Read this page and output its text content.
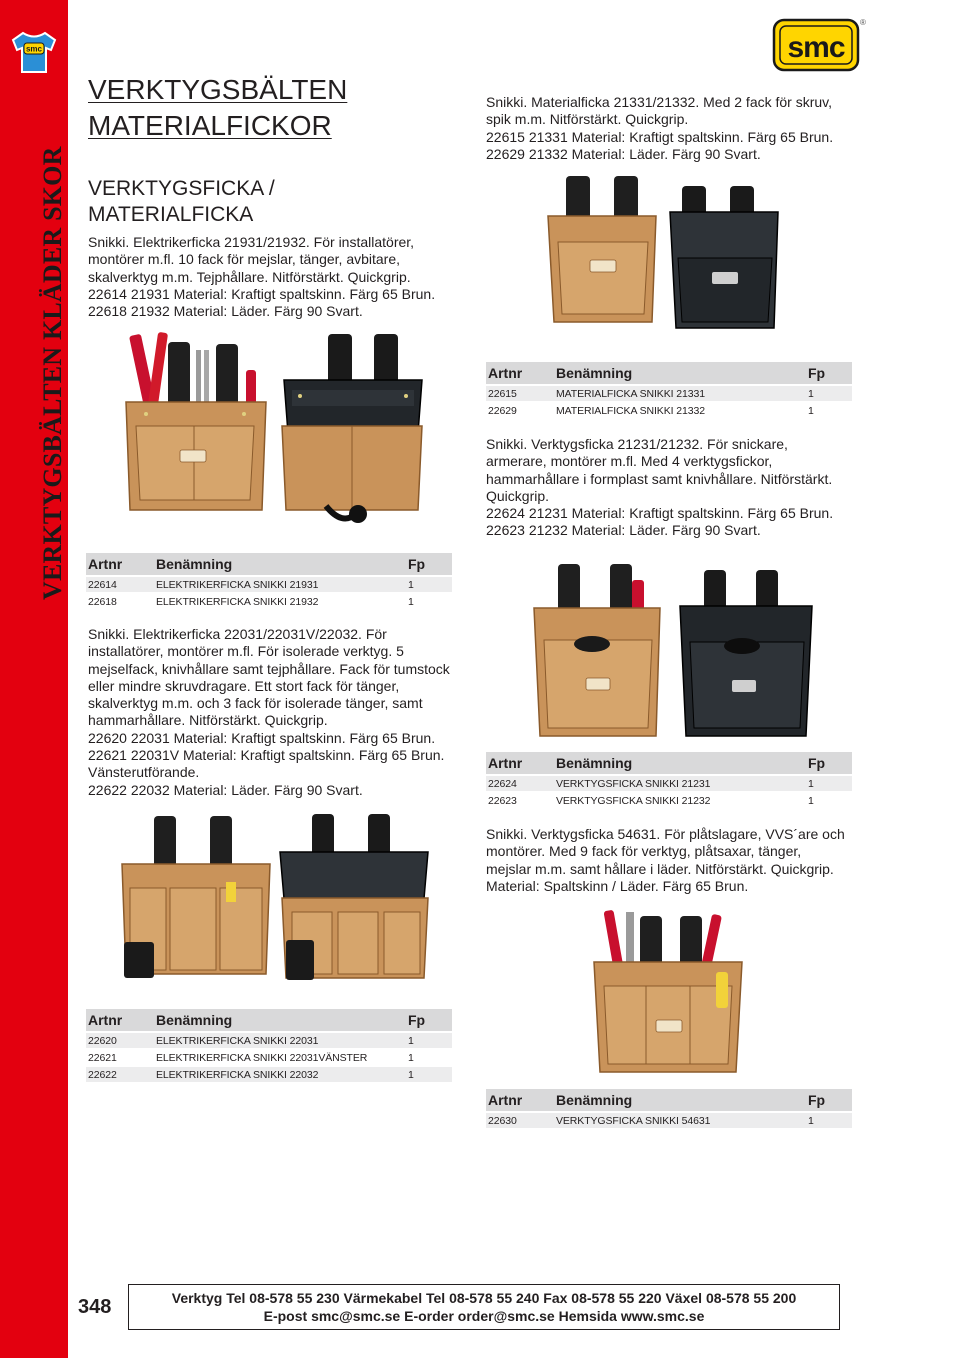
smc
VERKTYGSBÄLTEN KLÄDER SKOR
smc
®
VERKTYGSBÄLTEN
MATERIALFICKOR
VERKTYGSFICKA /
MATERIALFICKA

Snikki. Elektrikerficka 21931/21932. För installatörer,

montörer m.fl. 10 fack för mejslar, tänger, avbitare,

skalverktyg m.m. Tejphållare. Nitförstärkt. Quickgrip.

22614 21931 Material: Kraftigt spaltskinn. Färg 65 Brun.

22618 21932 Material: Läder. Färg 90 Svart.

Artnr	Benämning	Fp
22614	ELEKTRIKERFICKA SNIKKI 21931	1
22618	ELEKTRIKERFICKA SNIKKI 21932	1

Snikki. Elektrikerficka 22031/22031V/22032. För

installatörer, montörer m.fl. För isolerade verktyg. 5

mejselfack, knivhållare samt tejphållare. Fack för tumstock

eller mindre skruvdragare. Ett stort fack för tänger,

skalverktyg m.m. och 3 fack för isolerade tänger, samt

hammarhållare. Nitförstärkt. Quickgrip.

22620 22031 Material: Kraftigt spaltskinn. Färg 65 Brun.

22621 22031V Material: Kraftigt spaltskinn. Färg 65 Brun.

Vänsterutförande.

22622 22032 Material: Läder. Färg 90 Svart.

Artnr	Benämning	Fp
22620	ELEKTRIKERFICKA SNIKKI 22031	1
22621	ELEKTRIKERFICKA SNIKKI 22031VÄNSTER	1
22622	ELEKTRIKERFICKA SNIKKI 22032	1

Snikki. Materialficka 21331/21332. Med 2 fack för skruv,

spik m.m. Nitförstärkt. Quickgrip.

22615 21331 Material: Kraftigt spaltskinn. Färg 65 Brun.

22629 21332 Material: Läder. Färg 90 Svart.

Artnr	Benämning	Fp
22615	MATERIALFICKA SNIKKI 21331	1
22629	MATERIALFICKA SNIKKI 21332	1

Snikki. Verktygsficka 21231/21232. För snickare,

armerare, montörer m.fl. Med 4 verktygsfickor,

hammarhållare i formplast samt knivhållare. Nitförstärkt.

Quickgrip.

22624 21231 Material: Kraftigt spaltskinn. Färg 65 Brun.

22623 21232 Material: Läder. Färg 90 Svart.

Artnr	Benämning	Fp
22624	VERKTYGSFICKA SNIKKI 21231	1
22623	VERKTYGSFICKA SNIKKI 21232	1

Snikki. Verktygsficka 54631. För plåtslagare, VVS´are och

montörer. Med 9 fack för verktyg, plåtsaxar, tänger,

mejslar m.m. samt hållare i läder. Nitförstärkt. Quickgrip.

Material: Spaltskinn / Läder. Färg 65 Brun.

Artnr	Benämning	Fp
22630	VERKTYGSFICKA SNIKKI 54631	1
348	Verktyg Tel 08-578 55 230 Värmekabel Tel 08-578 55 240 Fax 08-578 55 220 Växel 08-578 55 200
E-post smc@smc.se E-order order@smc.se Hemsida www.smc.se
